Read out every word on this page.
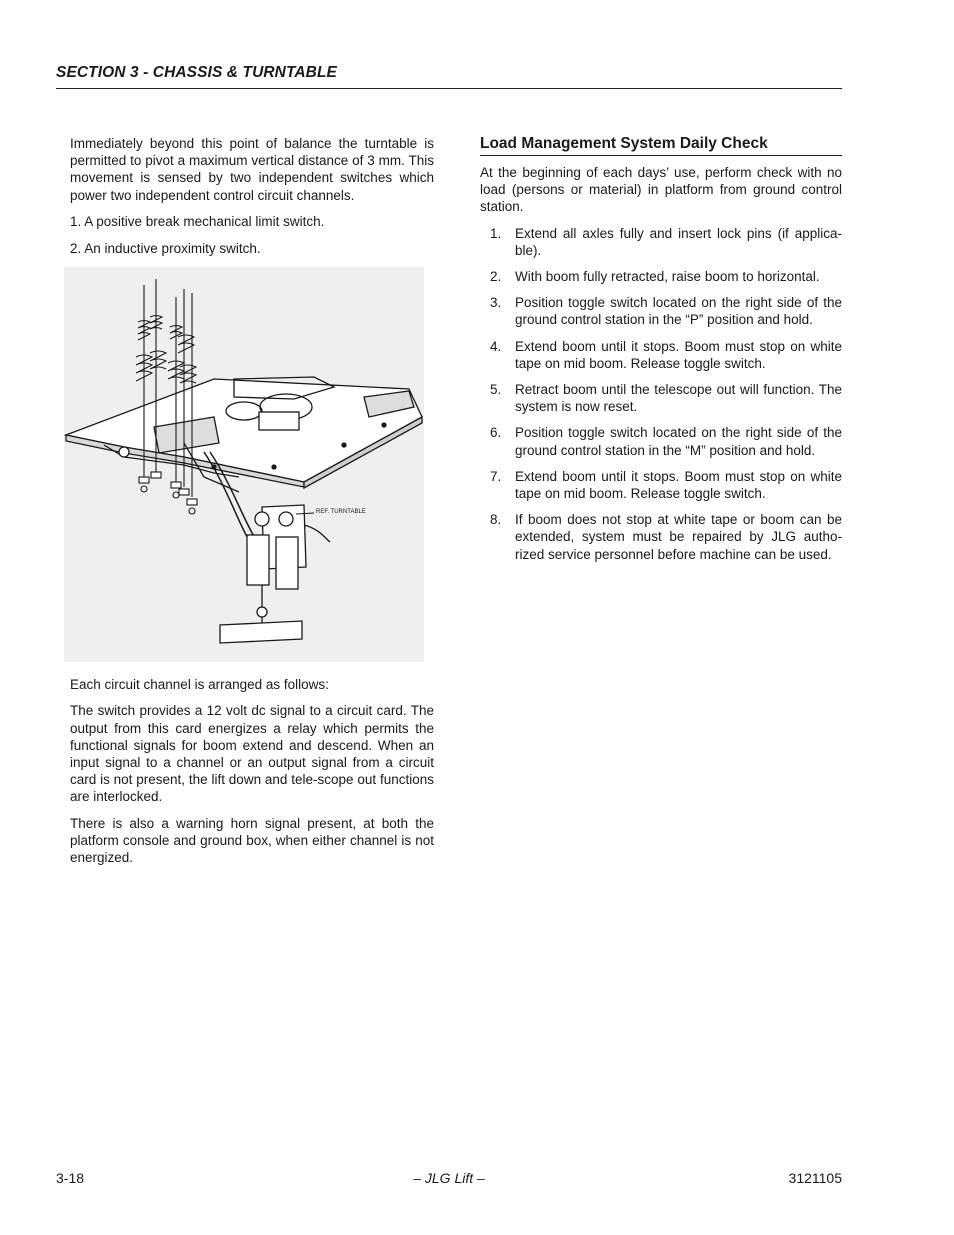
SECTION 3 - CHASSIS & TURNTABLE

Immediately beyond this point of balance the turntable is permitted to pivot a maximum vertical distance of 3 mm. This movement is sensed by two independent switches which power two independent control circuit channels.

1. A positive break mechanical limit switch.

2. An inductive proximity switch.

REF. TURNTABLE

Each circuit channel is arranged as follows:

The switch provides a 12 volt dc signal to a circuit card. The output from this card energizes a relay which permits the functional signals for boom extend and descend. When an input signal to a channel or an output signal from a circuit card is not present, the lift down and tele-scope out functions are interlocked.

There is also a warning horn signal present, at both the platform console and ground box, when either channel is not energized.

Load Management System Daily Check

At the beginning of each days’ use, perform check with no load (persons or material) in platform from ground control station.

1.	Extend all axles fully and insert lock pins (if applica-ble).
2.	With boom fully retracted, raise boom to horizontal.
3.	Position toggle switch located on the right side of the ground control station in the “P” position and hold.
4.	Extend boom until it stops. Boom must stop on white tape on mid boom. Release toggle switch.
5.	Retract boom until the telescope out will function. The system is now reset.
6.	Position toggle switch located on the right side of the ground control station in the “M” position and hold.
7.	Extend boom until it stops. Boom must stop on white tape on mid boom. Release toggle switch.
8.	If boom does not stop at white tape or boom can be extended, system must be repaired by JLG autho-rized service personnel before machine can be used.
3-18	– JLG Lift –	3121105
